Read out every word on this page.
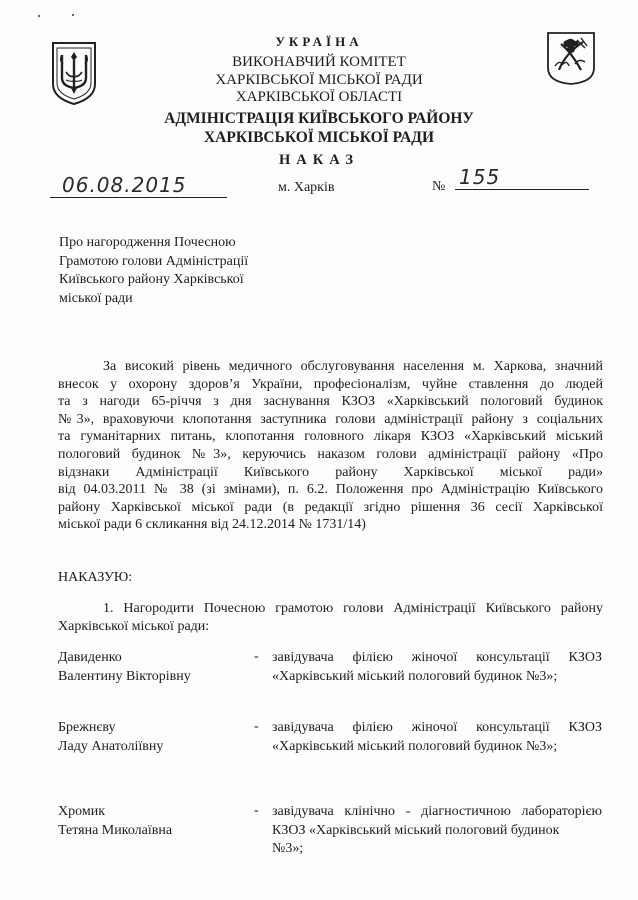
УКРАЇНА
ВИКОНАВЧИЙ КОМІТЕТ
ХАРКІВСЬКОЇ МІСЬКОЇ РАДИ
ХАРКІВСЬКОЇ ОБЛАСТІ
АДМІНІСТРАЦІЯ КИЇВСЬКОГО РАЙОНУ
ХАРКІВСЬКОЇ МІСЬКОЇ РАДИ
НАКАЗ
06.08.2015	м. Харків	№ 155
Про нагородження Почесною
Грамотою голови Адміністрації
Київського району Харківської
міської ради
За високий рівень медичного обслуговування населення м. Харкова, значний
внесок у охорону здоров’я України, професіоналізм, чуйне ставлення до людей
та з нагоди 65-річчя з дня заснування КЗОЗ «Харківський пологовий будинок
№3», враховуючи клопотання заступника голови адміністрації району з соціальних
та гуманітарних питань, клопотання головного лікаря КЗОЗ «Харківський міський
пологовий будинок №3», керуючись наказом голови адміністрації району «Про
відзнаки Адміністрації Київського району Харківської міської ради»
від 04.03.2011 № 38 (зі змінами), п. 6.2. Положення про Адміністрацію Київського
району Харківської міської ради (в редакції згідно рішення 36 сесії Харківської
міської ради 6 скликання від 24.12.2014 № 1731/14)
НАКАЗУЮ:
1. Нагородити Почесною грамотою голови Адміністрації Київського району
Харківської міської ради:
Давиденко
Валентину Вікторівну
- завідувача філією жіночої консультації КЗОЗ
«Харківський міський пологовий будинок №3»;
Брежнєву
Ладу Анатоліївну
- завідувача філією жіночої консультації КЗОЗ
«Харківський міський пологовий будинок №3»;
Хромик
Тетяна Миколаївна
- завідувача клінічно - діагностичною лабораторією
КЗОЗ «Харківський міський пологовий будинок
№3»;
